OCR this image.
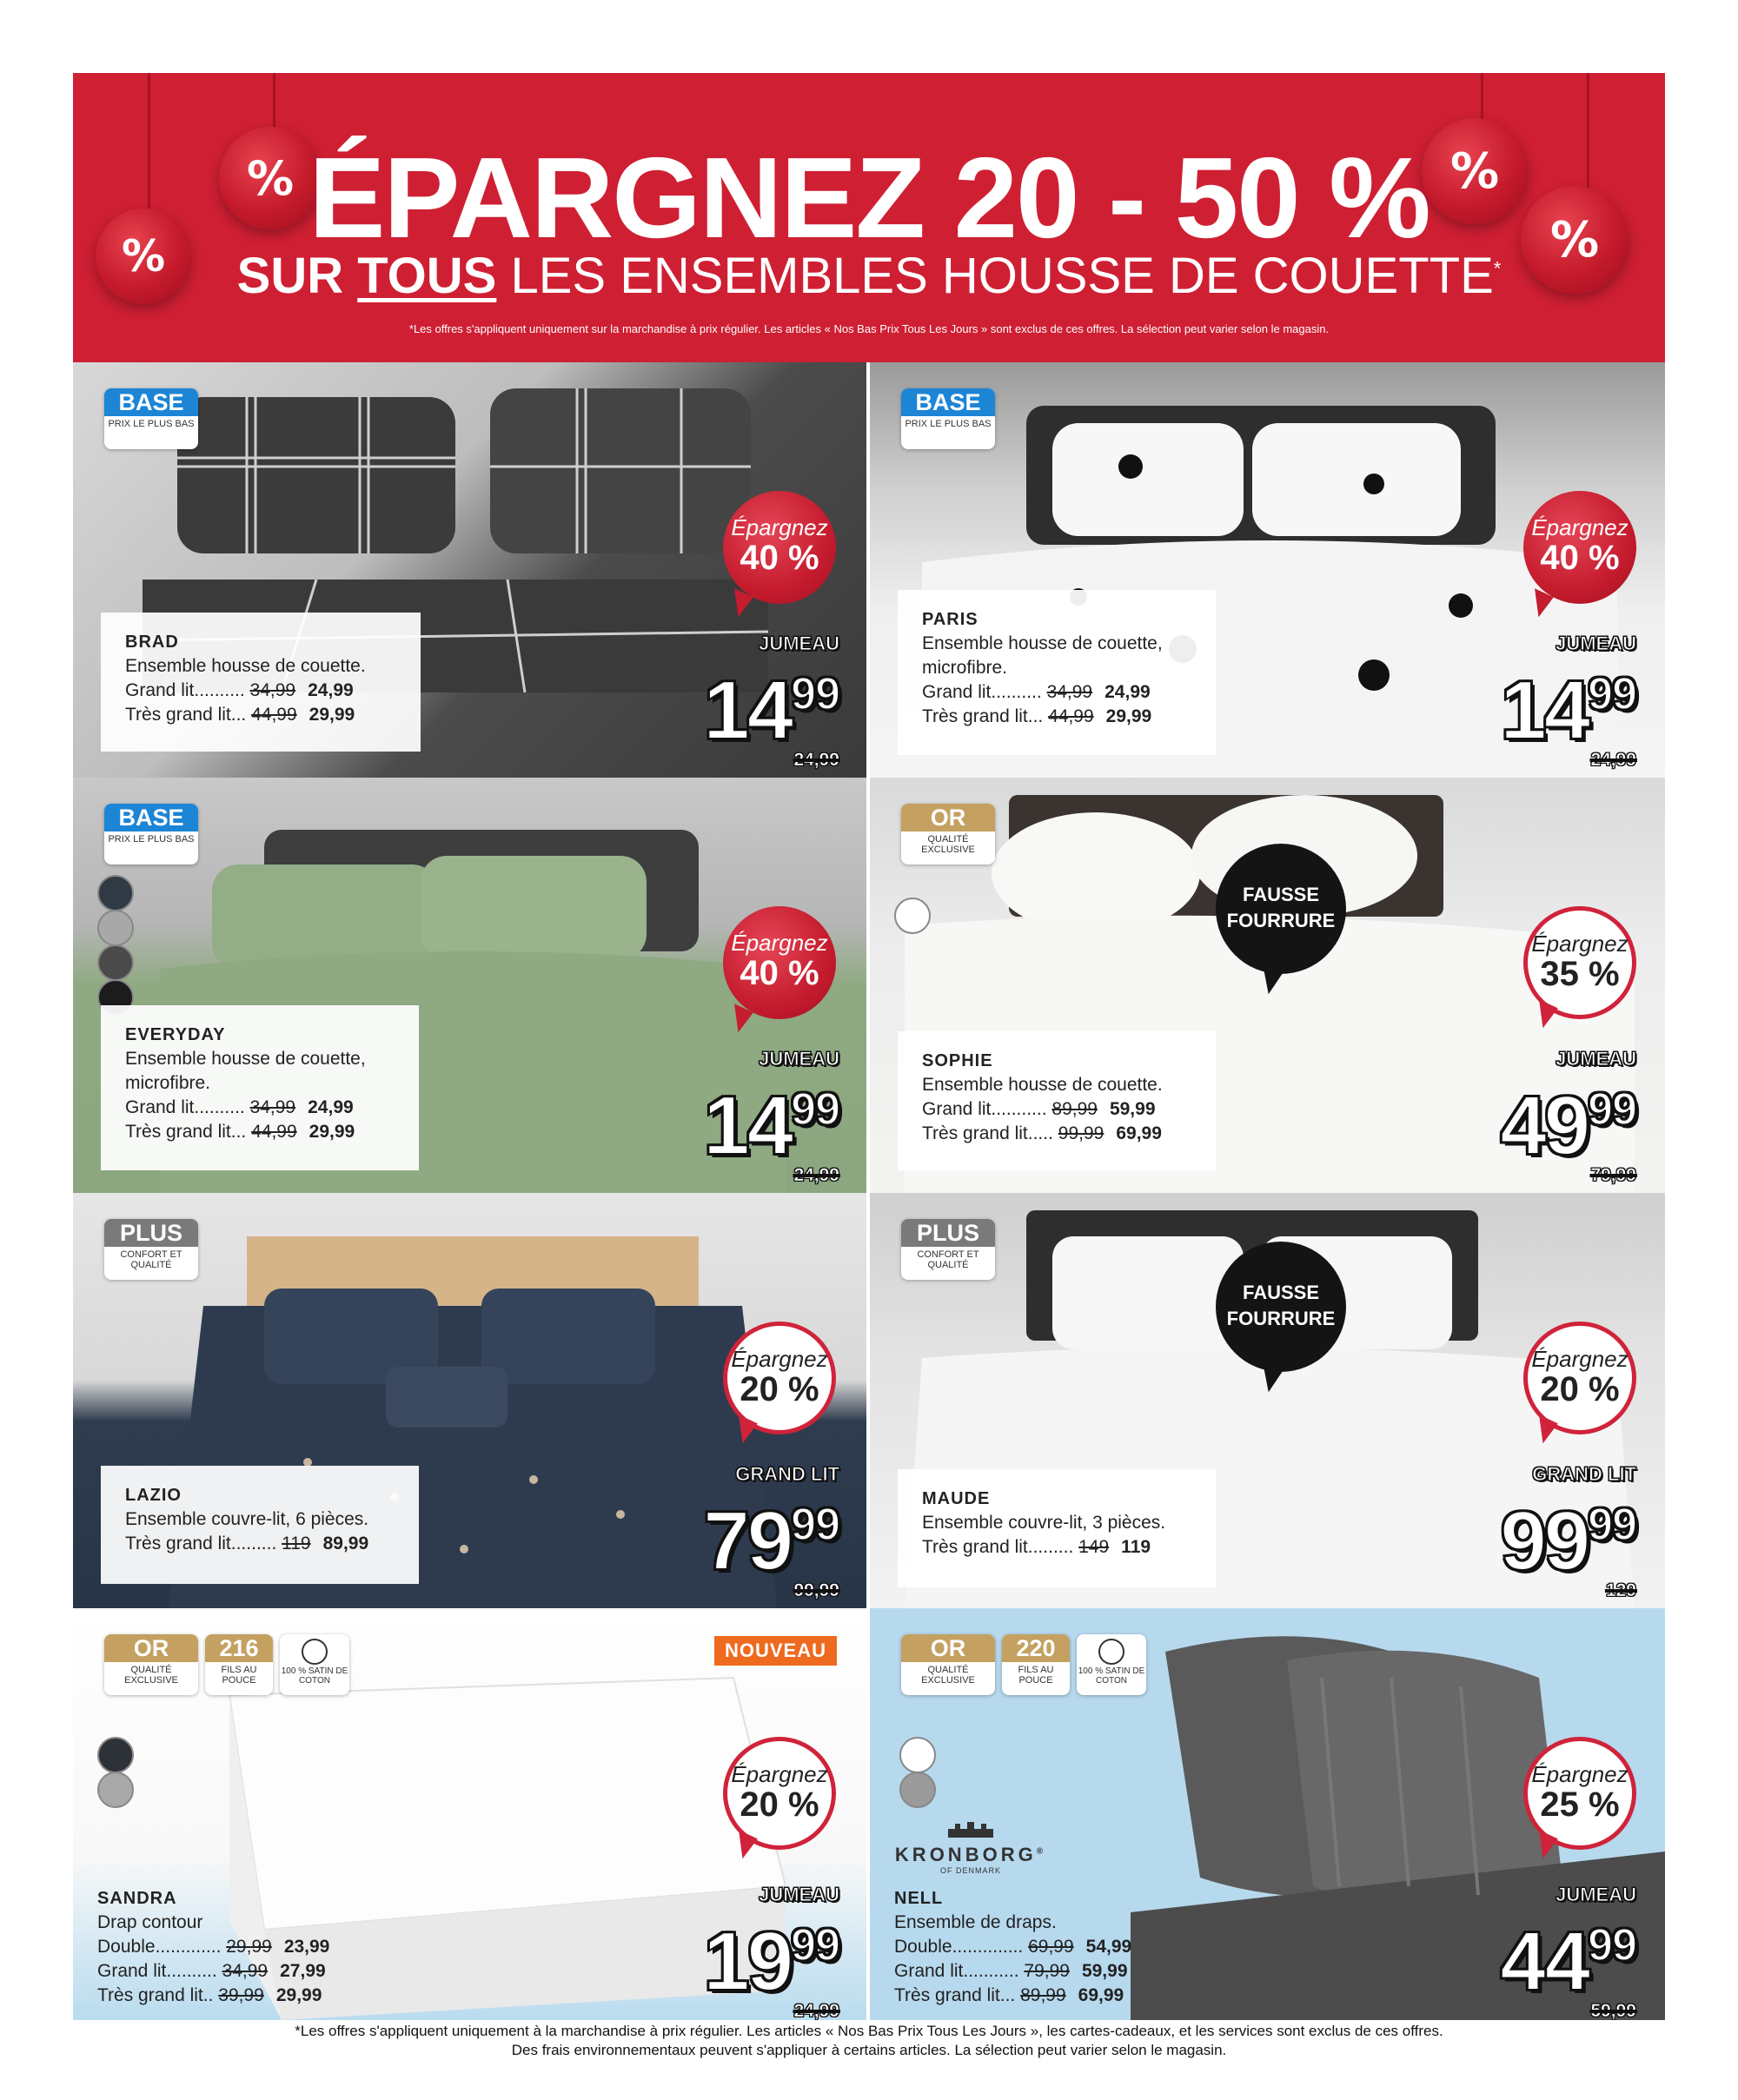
%
%
%
%
ÉPARGNEZ 20 - 50 %
SUR TOUS LES ENSEMBLES HOUSSE DE COUETTE*
*Les offres s'appliquent uniquement sur la marchandise à prix régulier. Les articles « Nos Bas Prix Tous Les Jours » sont exclus de ces offres. La sélection peut varier selon le magasin.
BASE
PRIX LE PLUS BAS
Épargnez
40 %
BRAD
Ensemble housse de couette.
Grand lit.......... 34,99 24,99
Très grand lit... 44,99 29,99
JUMEAU
$14^{99}$
24,99
BASE
PRIX LE PLUS BAS
Épargnez
40 %
PARIS
Ensemble housse de couette, microfibre.
Grand lit.......... 34,99 24,99
Très grand lit... 44,99 29,99
JUMEAU
$14^{99}$
24,99
BASE
PRIX LE PLUS BAS
Épargnez
40 %
EVERYDAY
Ensemble housse de couette, microfibre.
Grand lit.......... 34,99 24,99
Très grand lit... 44,99 29,99
JUMEAU
$14^{99}$
24,99
OR
QUALITÉ EXCLUSIVE
FAUSSE FOURRURE
Épargnez
35 %
SOPHIE
Ensemble housse de couette.
Grand lit........... 89,99 59,99
Très grand lit..... 99,99 69,99
JUMEAU
$49^{99}$
79,99
PLUS
CONFORT ET QUALITÉ
Épargnez
20 %
LAZIO
Ensemble couvre-lit, 6 pièces.
Très grand lit......... 119 89,99
GRAND LIT
$79^{99}$
99,99
PLUS
CONFORT ET QUALITÉ
FAUSSE FOURRURE
Épargnez
20 %
MAUDE
Ensemble couvre-lit, 3 pièces.
Très grand lit......... 149 119
GRAND LIT
$99^{99}$
129
OR
QUALITÉ EXCLUSIVE
216
FILS AU POUCE
100 % SATIN DE COTON
NOUVEAU
Épargnez
20 %
SANDRA
Drap contour
Double............. 29,99 23,99
Grand lit.......... 34,99 27,99
Très grand lit.. 39,99 29,99
JUMEAU
$19^{99}$
24,99
OR
QUALITÉ EXCLUSIVE
220
FILS AU POUCE
100 % SATIN DE COTON
KRONBORG®
OF DENMARK
NELL
Ensemble de draps.
Double.............. 69,99 54,99
Grand lit........... 79,99 59,99
Très grand lit... 89,99 69,99
Épargnez
25 %
JUMEAU
$44^{99}$
59,99
*Les offres s'appliquent uniquement à la marchandise à prix régulier. Les articles « Nos Bas Prix Tous Les Jours », les cartes-cadeaux, et les services sont exclus de ces offres.
Des frais environnementaux peuvent s'appliquer à certains articles. La sélection peut varier selon le magasin.
